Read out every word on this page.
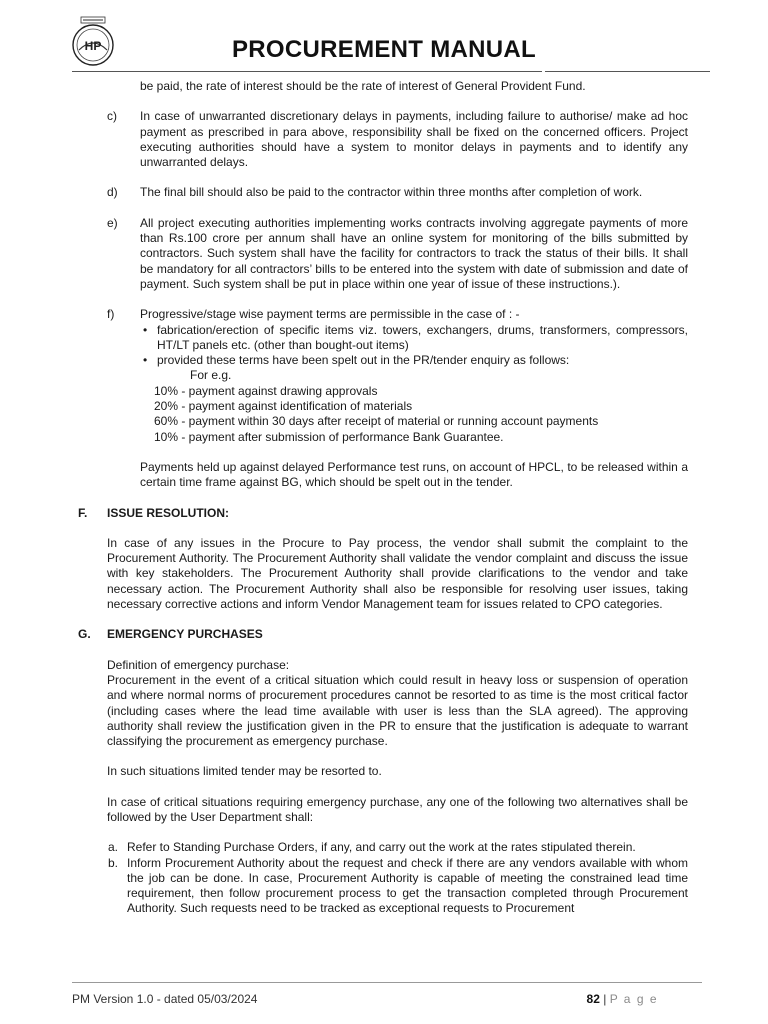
HP	PROCUREMENT MANUAL

be paid, the rate of interest should be the rate of interest of General Provident Fund.

c) In case of unwarranted discretionary delays in payments, including failure to authorise/ make ad hoc payment as prescribed in para above, responsibility shall be fixed on the concerned officers. Project executing authorities should have a system to monitor delays in payments and to identify any unwarranted delays.
d) The final bill should also be paid to the contractor within three months after completion of work.
e) All project executing authorities implementing works contracts involving aggregate payments of more than Rs.100 crore per annum shall have an online system for monitoring of the bills submitted by contractors. Such system shall have the facility for contractors to track the status of their bills. It shall be mandatory for all contractors’ bills to be entered into the system with date of submission and date of payment. Such system shall be put in place within one year of issue of these instructions.).
f) Progressive/stage wise payment terms are permissible in the case of : -
• fabrication/erection of specific items viz. towers, exchangers, drums, transformers, compressors, HT/LT panels etc. (other than bought-out items)
• provided these terms have been spelt out in the PR/tender enquiry as follows:
For e.g.
10% - payment against drawing approvals
20% - payment against identification of materials
60% - payment within 30 days after receipt of material or running account payments
10% - payment after submission of performance Bank Guarantee.
Payments held up against delayed Performance test runs, on account of HPCL, to be released within a certain time frame against BG, which should be spelt out in the tender.
F. ISSUE RESOLUTION:
In case of any issues in the Procure to Pay process, the vendor shall submit the complaint to the Procurement Authority. The Procurement Authority shall validate the vendor complaint and discuss the issue with key stakeholders. The Procurement Authority shall provide clarifications to the vendor and take necessary action. The Procurement Authority shall also be responsible for resolving user issues, taking necessary corrective actions and inform Vendor Management team for issues related to CPO categories.
G. EMERGENCY PURCHASES
Definition of emergency purchase:
Procurement in the event of a critical situation which could result in heavy loss or suspension of operation and where normal norms of procurement procedures cannot be resorted to as time is the most critical factor (including cases where the lead time available with user is less than the SLA agreed). The approving authority shall review the justification given in the PR to ensure that the justification is adequate to warrant classifying the procurement as emergency purchase.
In such situations limited tender may be resorted to.
In case of critical situations requiring emergency purchase, any one of the following two alternatives shall be followed by the User Department shall:
a. Refer to Standing Purchase Orders, if any, and carry out the work at the rates stipulated therein.
b. Inform Procurement Authority about the request and check if there are any vendors available with whom the job can be done. In case, Procurement Authority is capable of meeting the constrained lead time requirement, then follow procurement process to get the transaction completed through Procurement Authority. Such requests need to be tracked as exceptional requests to Procurement
PM Version 1.0 - dated 05/03/2024	82 | P a g e
